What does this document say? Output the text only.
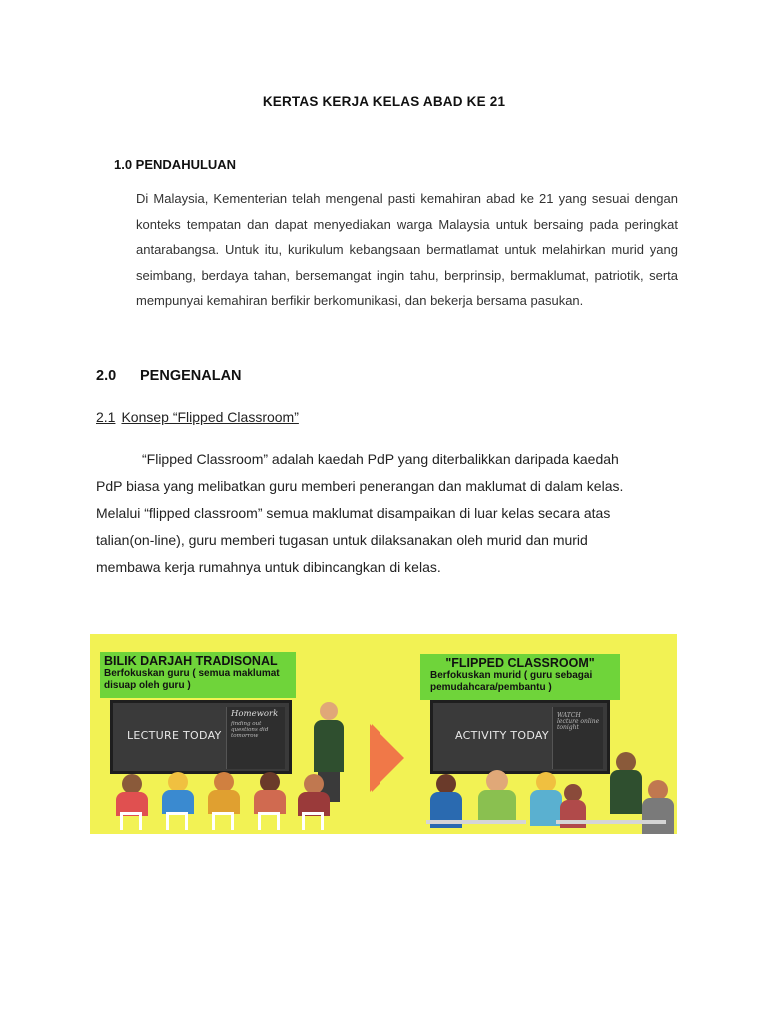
KERTAS KERJA KELAS ABAD KE 21
1.0 PENDAHULUAN
Di Malaysia, Kementerian telah mengenal pasti kemahiran abad ke 21 yang sesuai dengan konteks tempatan dan dapat menyediakan warga Malaysia untuk bersaing pada peringkat antarabangsa. Untuk itu, kurikulum kebangsaan bermatlamat untuk melahirkan murid yang seimbang, berdaya tahan, bersemangat ingin tahu, berprinsip, bermaklumat, patriotik, serta mempunyai kemahiran berfikir berkomunikasi, dan bekerja bersama pasukan.
2.0 PENGENALAN
2.1 Konsep “Flipped Classroom”
“Flipped Classroom” adalah kaedah PdP yang diterbalikkan daripada kaedah
PdP biasa yang melibatkan guru memberi penerangan dan maklumat di dalam kelas.
Melalui “flipped classroom” semua maklumat disampaikan di luar kelas secara atas
talian(on-line), guru memberi tugasan untuk dilaksanakan oleh murid dan murid
membawa kerja rumahnya untuk dibincangkan di kelas.
BILIK DARJAH TRADISONAL
Berfokuskan guru ( semua maklumat
disuap oleh guru )
LECTURE TODAY
Homework
finding out questions did tomorrow
"FLIPPED CLASSROOM"
Berfokuskan murid ( guru sebagai
pemudahcara/pembantu )
ACTIVITY TODAY
WATCH lecture online tonight
